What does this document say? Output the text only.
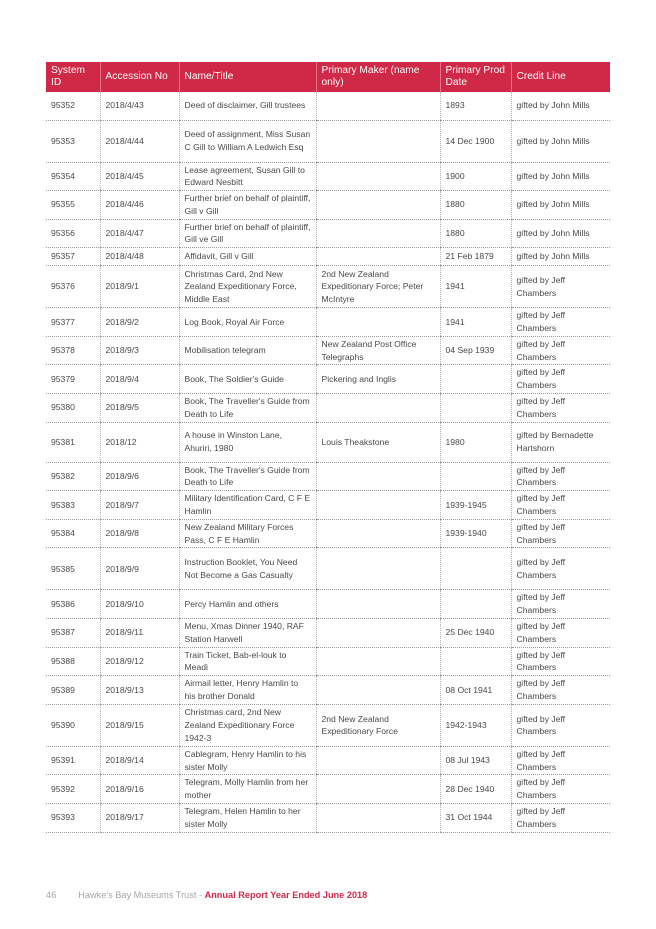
System ID	Accession No	Name/Title	Primary Maker (name only)	Primary Prod Date	Credit Line
95352	2018/4/43	Deed of disclaimer, Gill trustees		1893	gifted by John Mills
95353	2018/4/44	Deed of assignment, Miss Susan C Gill to William A Ledwich Esq		14 Dec 1900	gifted by John Mills
95354	2018/4/45	Lease agreement, Susan Gill to Edward Nesbitt		1900	gifted by John Mills
95355	2018/4/46	Further brief on behalf of plaintiff, Gill v Gill		1880	gifted by John Mills
95356	2018/4/47	Further brief on behalf of plaintiff, Gill ve Gill		1880	gifted by John Mills
95357	2018/4/48	Affidavit, Gill v Gill		21 Feb 1879	gifted by John Mills
95376	2018/9/1	Christmas Card, 2nd New Zealand Expeditionary Force, Middle East	2nd New Zealand Expeditionary Force; Peter McIntyre	1941	gifted by Jeff Chambers
95377	2018/9/2	Log Book, Royal Air Force		1941	gifted by Jeff Chambers
95378	2018/9/3	Mobilisation telegram	New Zealand Post Office Telegraphs	04 Sep 1939	gifted by Jeff Chambers
95379	2018/9/4	Book, The Soldier's Guide	Pickering and Inglis		gifted by Jeff Chambers
95380	2018/9/5	Book, The Traveller's Guide from Death to Life			gifted by Jeff Chambers
95381	2018/12	A house in Winston Lane, Ahuriri, 1980	Louis Theakstone	1980	gifted by Bernadette Hartshorn
95382	2018/9/6	Book, The Traveller's Guide from Death to Life			gifted by Jeff Chambers
95383	2018/9/7	Military Identification Card, C F E Hamlin		1939-1945	gifted by Jeff Chambers
95384	2018/9/8	New Zealand Military Forces Pass, C F E Hamlin		1939-1940	gifted by Jeff Chambers
95385	2018/9/9	Instruction Booklet, You Need Not Become a Gas Casualty			gifted by Jeff Chambers
95386	2018/9/10	Percy Hamlin and others			gifted by Jeff Chambers
95387	2018/9/11	Menu, Xmas Dinner 1940, RAF Station Harwell		25 Dec 1940	gifted by Jeff Chambers
95388	2018/9/12	Train Ticket, Bab-el-louk to Meadi			gifted by Jeff Chambers
95389	2018/9/13	Airmail letter, Henry Hamlin to his brother Donald		08 Oct 1941	gifted by Jeff Chambers
95390	2018/9/15	Christmas card, 2nd New Zealand Expeditionary Force 1942-3	2nd New Zealand Expeditionary Force	1942-1943	gifted by Jeff Chambers
95391	2018/9/14	Cablegram, Henry Hamlin to his sister Molly		08 Jul 1943	gifted by Jeff Chambers
95392	2018/9/16	Telegram, Molly Hamlin from her mother		28 Dec 1940	gifted by Jeff Chambers
95393	2018/9/17	Telegram, Helen Hamlin to her sister Molly		31 Oct 1944	gifted by Jeff Chambers
46 Hawke's Bay Museums Trust - Annual Report Year Ended June 2018
